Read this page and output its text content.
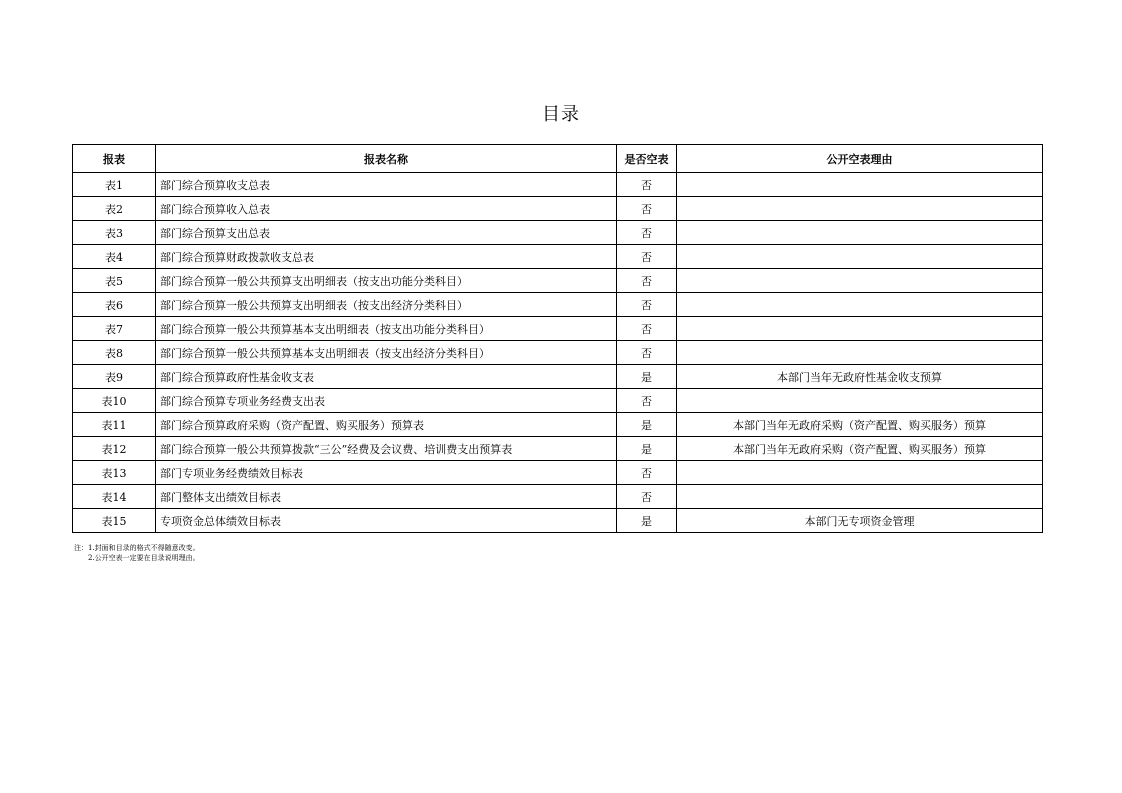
目录
报表	报表名称	是否空表	公开空表理由
表1	部门综合预算收支总表	否	
表2	部门综合预算收入总表	否	
表3	部门综合预算支出总表	否	
表4	部门综合预算财政拨款收支总表	否	
表5	部门综合预算一般公共预算支出明细表（按支出功能分类科目）	否	
表6	部门综合预算一般公共预算支出明细表（按支出经济分类科目）	否	
表7	部门综合预算一般公共预算基本支出明细表（按支出功能分类科目）	否	
表8	部门综合预算一般公共预算基本支出明细表（按支出经济分类科目）	否	
表9	部门综合预算政府性基金收支表	是	本部门当年无政府性基金收支预算
表10	部门综合预算专项业务经费支出表	否	
表11	部门综合预算政府采购（资产配置、购买服务）预算表	是	本部门当年无政府采购（资产配置、购买服务）预算
表12	部门综合预算一般公共预算拨款“三公”经费及会议费、培训费支出预算表	是	本部门当年无政府采购（资产配置、购买服务）预算
表13	部门专项业务经费绩效目标表	否	
表14	部门整体支出绩效目标表	否	
表15	专项资金总体绩效目标表	是	本部门无专项资金管理
注：1.封面和目录的格式不得随意改变。
　　2.公开空表一定要在目录说明理由。
